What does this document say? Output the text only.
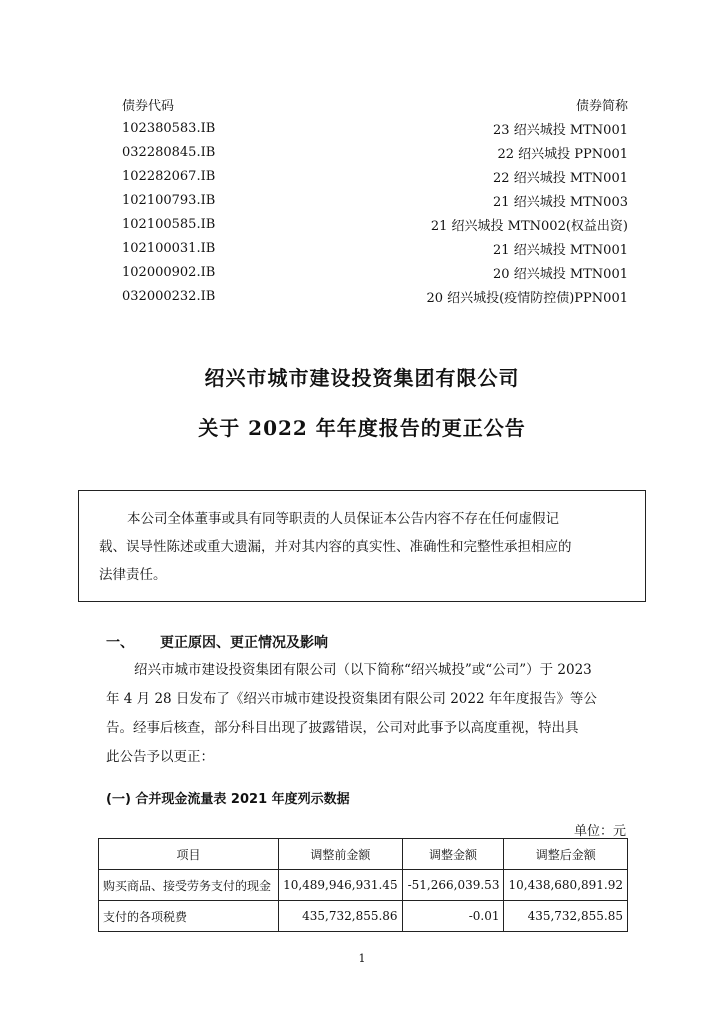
债券代码	债券简称
102380583.IB	23 绍兴城投 MTN001
032280845.IB	22 绍兴城投 PPN001
102282067.IB	22 绍兴城投 MTN001
102100793.IB	21 绍兴城投 MTN003
102100585.IB	21 绍兴城投 MTN002(权益出资)
102100031.IB	21 绍兴城投 MTN001
102000902.IB	20 绍兴城投 MTN001
032000232.IB	20 绍兴城投(疫情防控债)PPN001
绍兴市城市建设投资集团有限公司
关于 2022 年年度报告的更正公告
本公司全体董事或具有同等职责的人员保证本公告内容不存在任何虚假记
载、误导性陈述或重大遗漏，并对其内容的真实性、准确性和完整性承担相应的
法律责任。
一、 更正原因、更正情况及影响
绍兴市城市建设投资集团有限公司（以下简称“绍兴城投”或“公司”）于 2023
年 4 月 28 日发布了《绍兴市城市建设投资集团有限公司 2022 年年度报告》等公
告。经事后核查，部分科目出现了披露错误，公司对此事予以高度重视，特出具
此公告予以更正：
(一) 合并现金流量表 2021 年度列示数据
单位：元
项目	调整前金额	调整金额	调整后金额
购买商品、接受劳务支付的现金	10,489,946,931.45	-51,266,039.53	10,438,680,891.92
支付的各项税费	435,732,855.86	-0.01	435,732,855.85
1
